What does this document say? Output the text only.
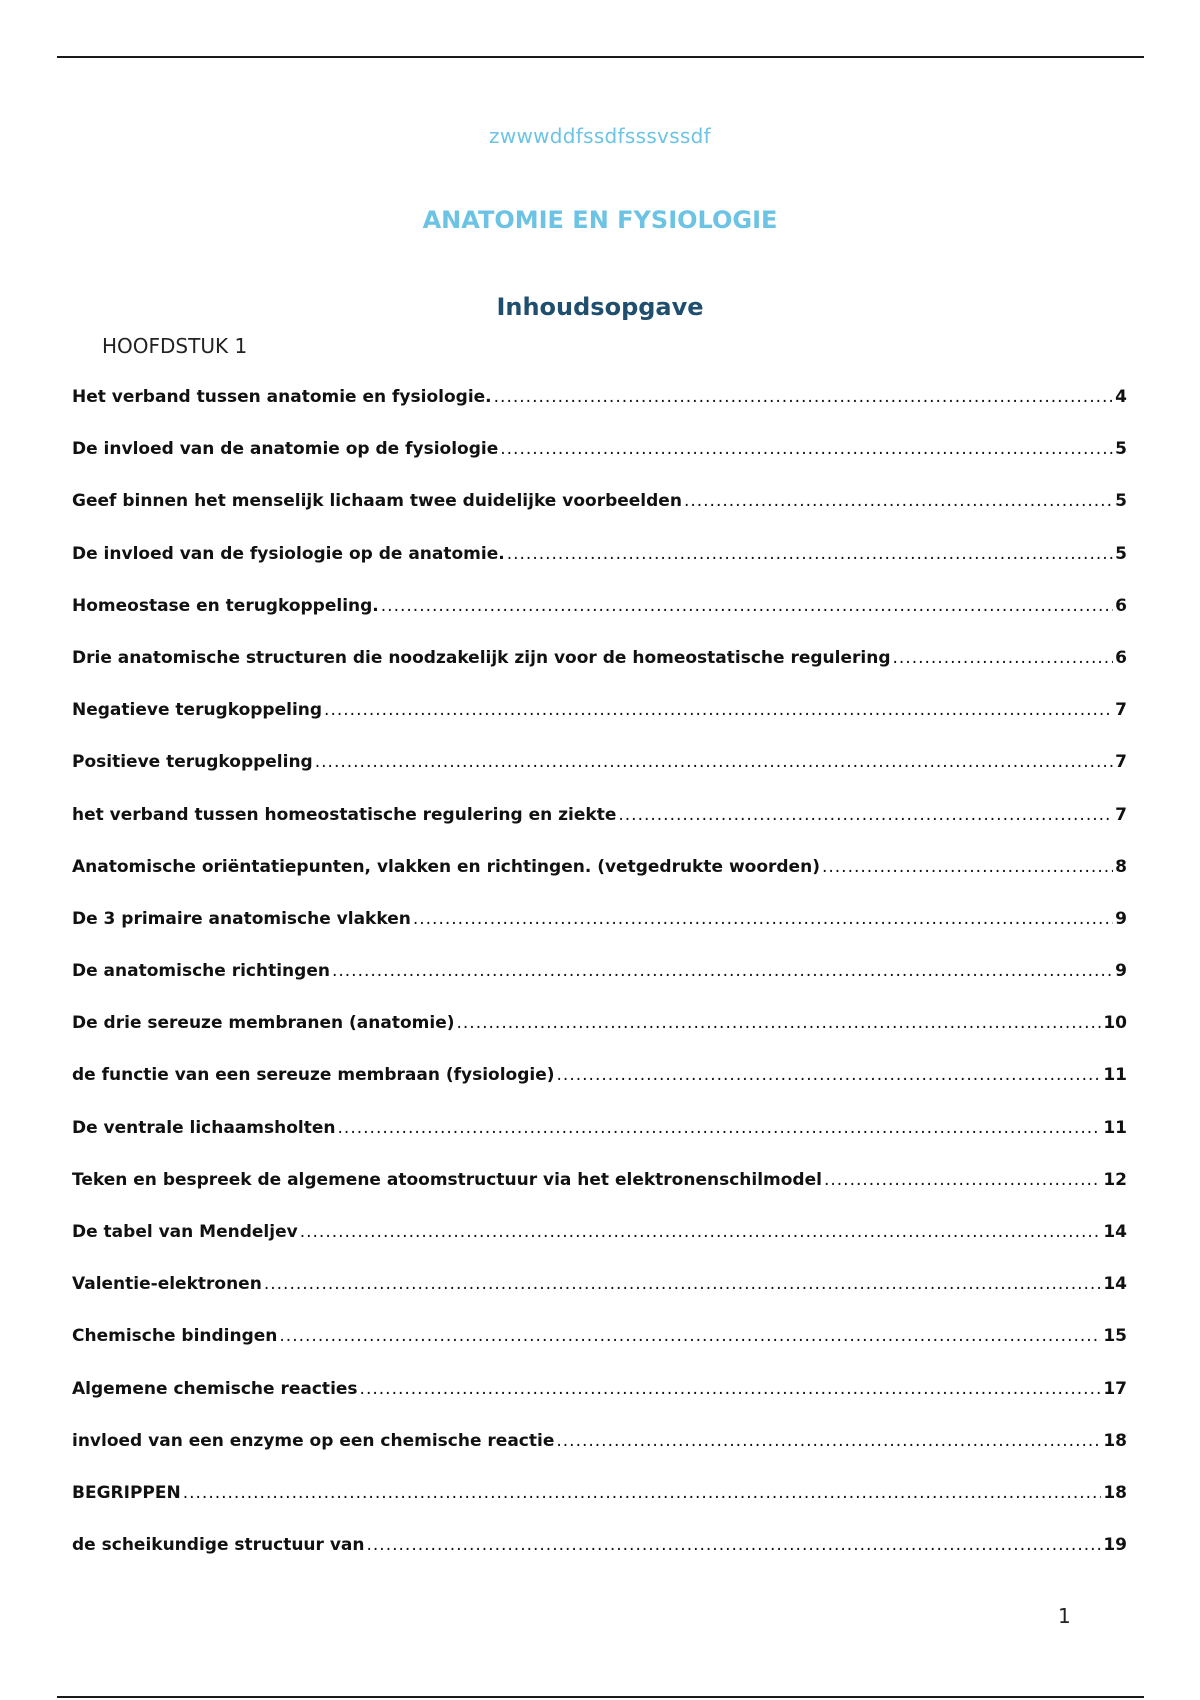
zwwwddfssdfsssvssdf
ANATOMIE EN FYSIOLOGIE
Inhoudsopgave
HOOFDSTUK 1
Het verband tussen anatomie en fysiologie. .....	4
De invloed van de anatomie op de fysiologie .....	5
Geef binnen het menselijk lichaam twee duidelijke voorbeelden .....	5
De invloed van de fysiologie op de anatomie. .....	5
Homeostase en terugkoppeling. .....	6
Drie anatomische structuren die noodzakelijk zijn voor de homeostatische regulering .....	6
Negatieve terugkoppeling .....	7
Positieve terugkoppeling .....	7
het verband tussen homeostatische regulering en ziekte .....	7
Anatomische oriëntatiepunten, vlakken en richtingen. (vetgedrukte woorden) .....	8
De 3 primaire anatomische vlakken .....	9
De anatomische richtingen .....	9
De drie sereuze membranen (anatomie) .....	10
de functie van een sereuze membraan (fysiologie) .....	11
De ventrale lichaamsholten .....	11
Teken en bespreek de algemene atoomstructuur via het elektronenschilmodel .....	12
De tabel van Mendeljev .....	14
Valentie-elektronen .....	14
Chemische bindingen .....	15
Algemene chemische reacties .....	17
invloed van een enzyme op een chemische reactie .....	18
BEGRIPPEN .....	18
de scheikundige structuur van .....	19
1
